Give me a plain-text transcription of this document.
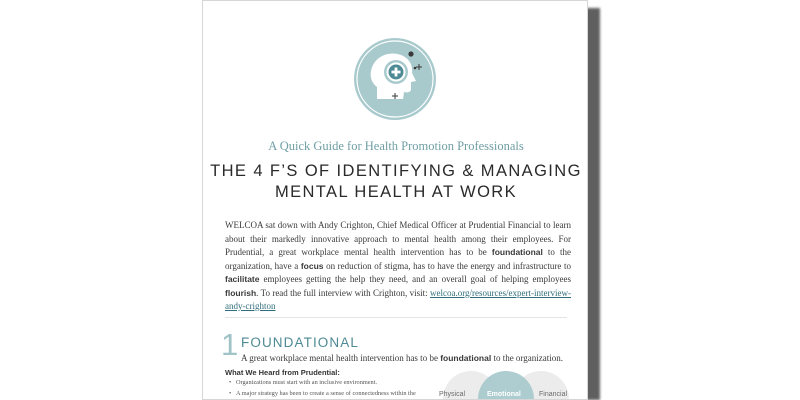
A Quick Guide for Health Promotion Professionals
THE 4 F’S OF IDENTIFYING & MANAGING
MENTAL HEALTH AT WORK
WELCOA sat down with Andy Crighton, Chief Medical Officer at Prudential Financial to learn about their markedly innovative approach to mental health among their employees. For Prudential, a great workplace mental health intervention has to be foundational to the organization, have a focus on reduction of stigma, has to have the energy and infrastructure to facilitate employees getting the help they need, and an overall goal of helping employees flourish. To read the full interview with Crighton, visit: welcoa.org/resources/expert-interview-andy-crighton
1 FOUNDATIONAL
A great workplace mental health intervention has to be foundational to the organization.
What We Heard from Prudential:
• Organizations must start with an inclusive environment.
• A major strategy has been to create a sense of connectedness within the	Physical	Emotional	Financial
